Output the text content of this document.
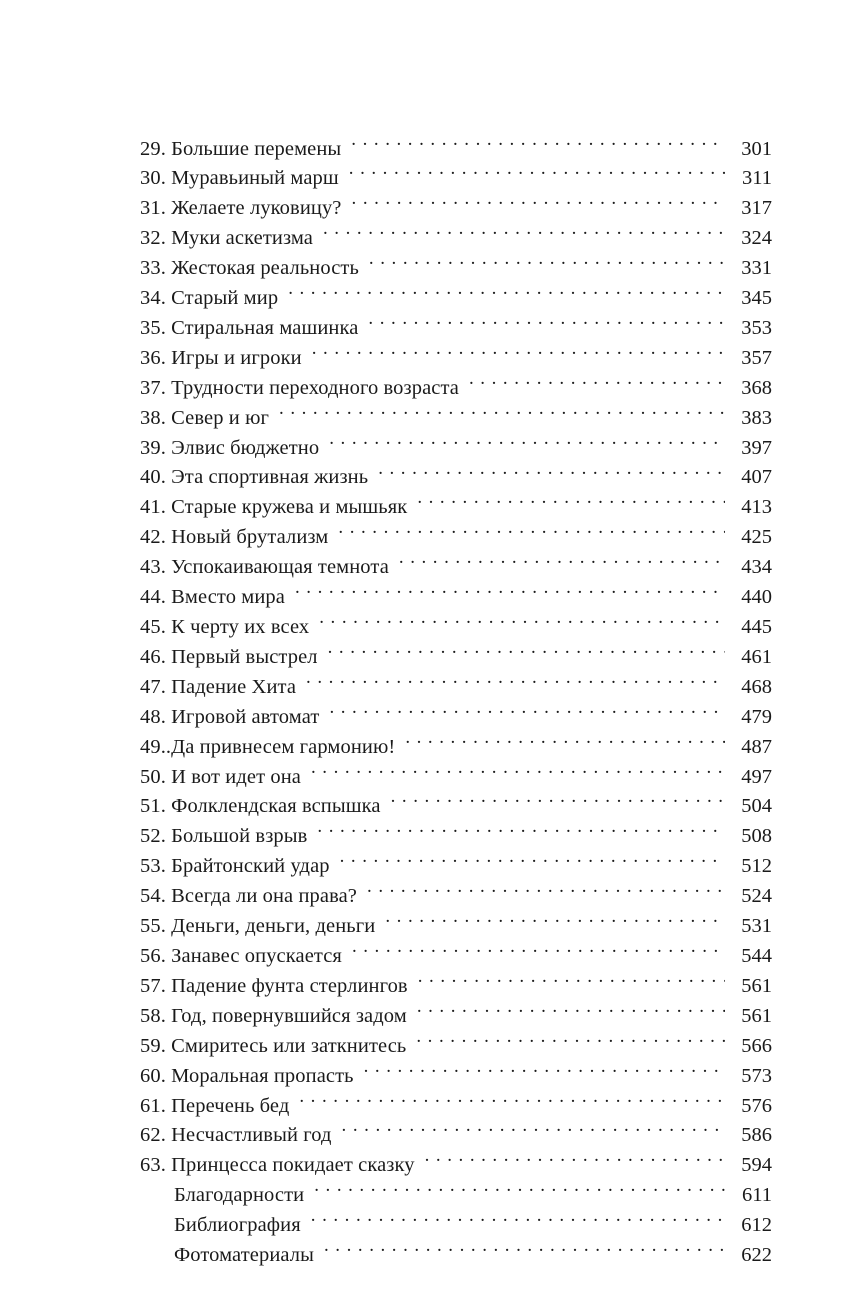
29. Большие перемены . . .	301
30. Муравьиный марш . . .	311
31. Желаете луковицу? . . .	317
32. Муки аскетизма . . .	324
33. Жестокая реальность . . .	331
34. Старый мир . . .	345
35. Стиральная машинка . . .	353
36. Игры и игроки . . .	357
37. Трудности переходного возраста . . .	368
38. Север и юг . . .	383
39. Элвис бюджетно . . .	397
40. Эта спортивная жизнь . . .	407
41. Старые кружева и мышьяк . . .	413
42. Новый брутализм . . .	425
43. Успокаивающая темнота . . .	434
44. Вместо мира . . .	440
45. К черту их всех . . .	445
46. Первый выстрел . . .	461
47. Падение Хита . . .	468
48. Игровой автомат . . .	479
49..Да привнесем гармонию! . . .	487
50. И вот идет она . . .	497
51. Фолклендская вспышка . . .	504
52. Большой взрыв . . .	508
53. Брайтонский удар . . .	512
54. Всегда ли она права? . . .	524
55. Деньги, деньги, деньги . . .	531
56. Занавес опускается . . .	544
57. Падение фунта стерлингов . . .	561
58. Год, повернувшийся задом . . .	561
59. Смиритесь или заткнитесь . . .	566
60. Моральная пропасть . . .	573
61. Перечень бед . . .	576
62. Несчастливый год . . .	586
63. Принцесса покидает сказку . . .	594
Благодарности . . .	611
Библиография . . .	612
Фотоматериалы . . .	622
